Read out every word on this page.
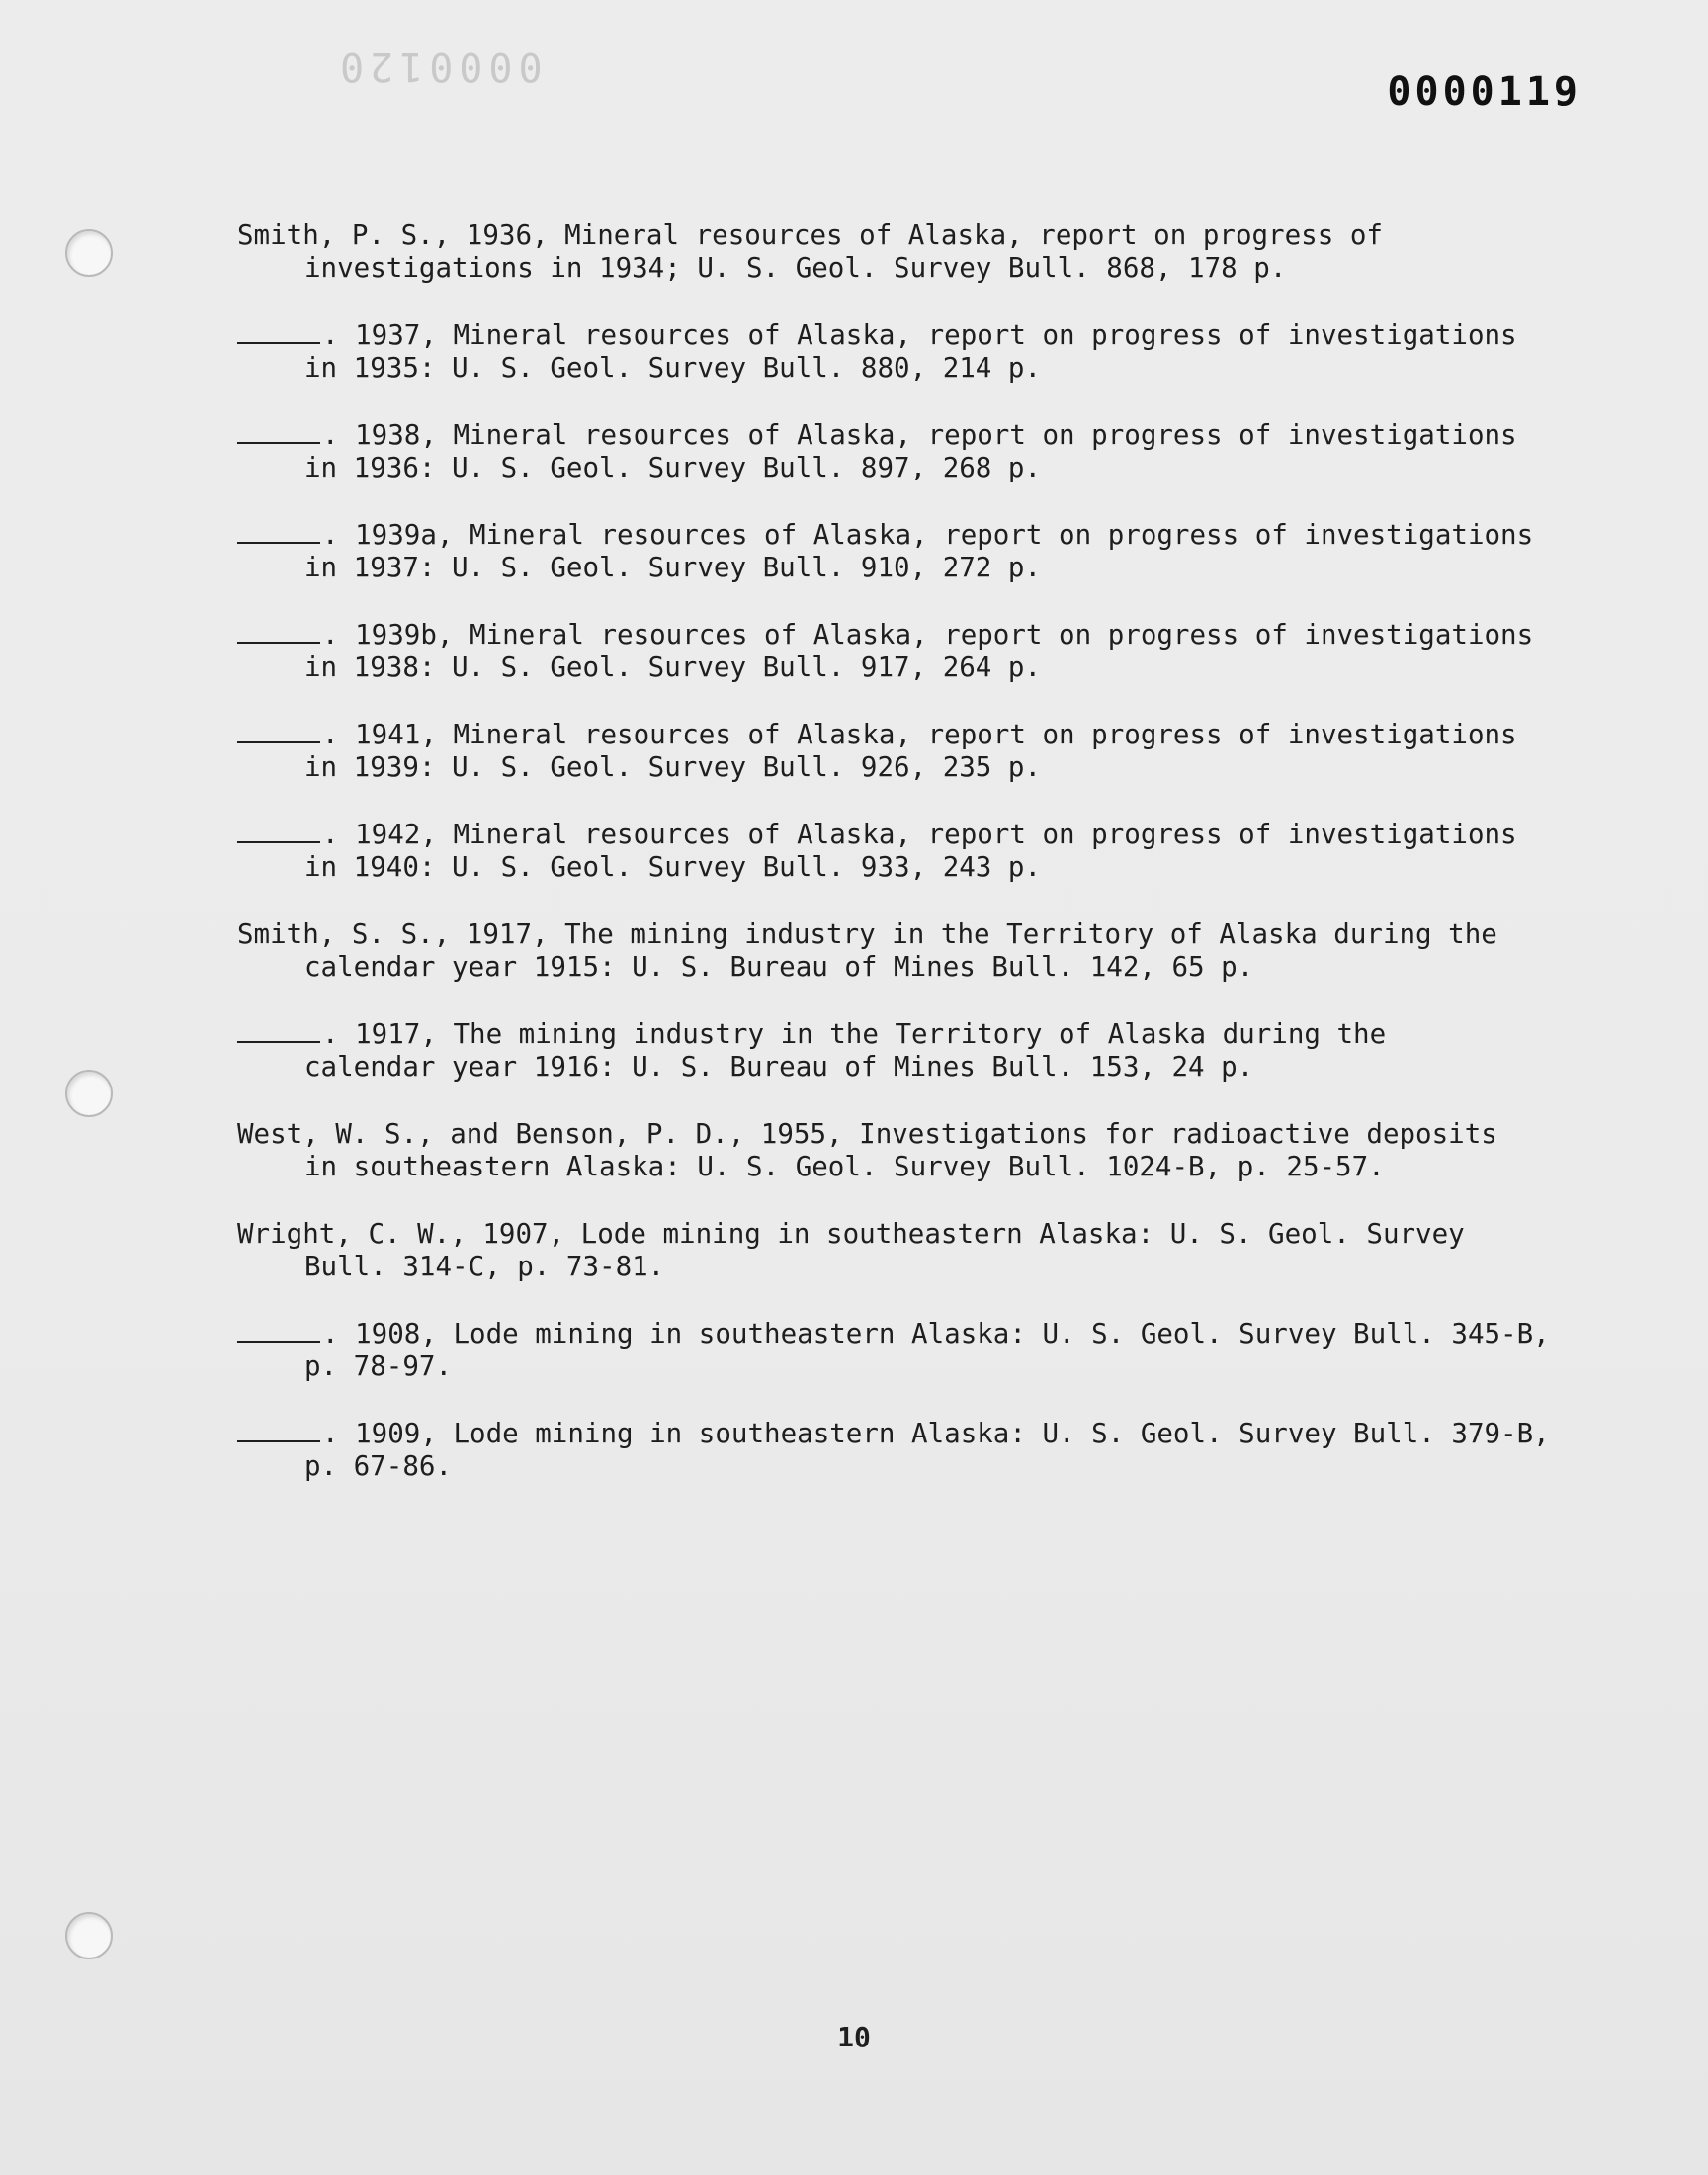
0000120
0000119
Smith, P. S., 1936, Mineral resources of Alaska, report on progress of
investigations in 1934; U. S. Geol. Survey Bull. 868, 178 p.
. 1937, Mineral resources of Alaska, report on progress of investigations
in 1935: U. S. Geol. Survey Bull. 880, 214 p.
. 1938, Mineral resources of Alaska, report on progress of investigations
in 1936: U. S. Geol. Survey Bull. 897, 268 p.
. 1939a, Mineral resources of Alaska, report on progress of investigations
in 1937: U. S. Geol. Survey Bull. 910, 272 p.
. 1939b, Mineral resources of Alaska, report on progress of investigations
in 1938: U. S. Geol. Survey Bull. 917, 264 p.
. 1941, Mineral resources of Alaska, report on progress of investigations
in 1939: U. S. Geol. Survey Bull. 926, 235 p.
. 1942, Mineral resources of Alaska, report on progress of investigations
in 1940: U. S. Geol. Survey Bull. 933, 243 p.
Smith, S. S., 1917, The mining industry in the Territory of Alaska during the
calendar year 1915: U. S. Bureau of Mines Bull. 142, 65 p.
. 1917, The mining industry in the Territory of Alaska during the
calendar year 1916: U. S. Bureau of Mines Bull. 153, 24 p.
West, W. S., and Benson, P. D., 1955, Investigations for radioactive deposits
in southeastern Alaska: U. S. Geol. Survey Bull. 1024-B, p. 25-57.
Wright, C. W., 1907, Lode mining in southeastern Alaska: U. S. Geol. Survey
Bull. 314-C, p. 73-81.
. 1908, Lode mining in southeastern Alaska: U. S. Geol. Survey Bull. 345-B,
p. 78-97.
. 1909, Lode mining in southeastern Alaska: U. S. Geol. Survey Bull. 379-B,
p. 67-86.
10
